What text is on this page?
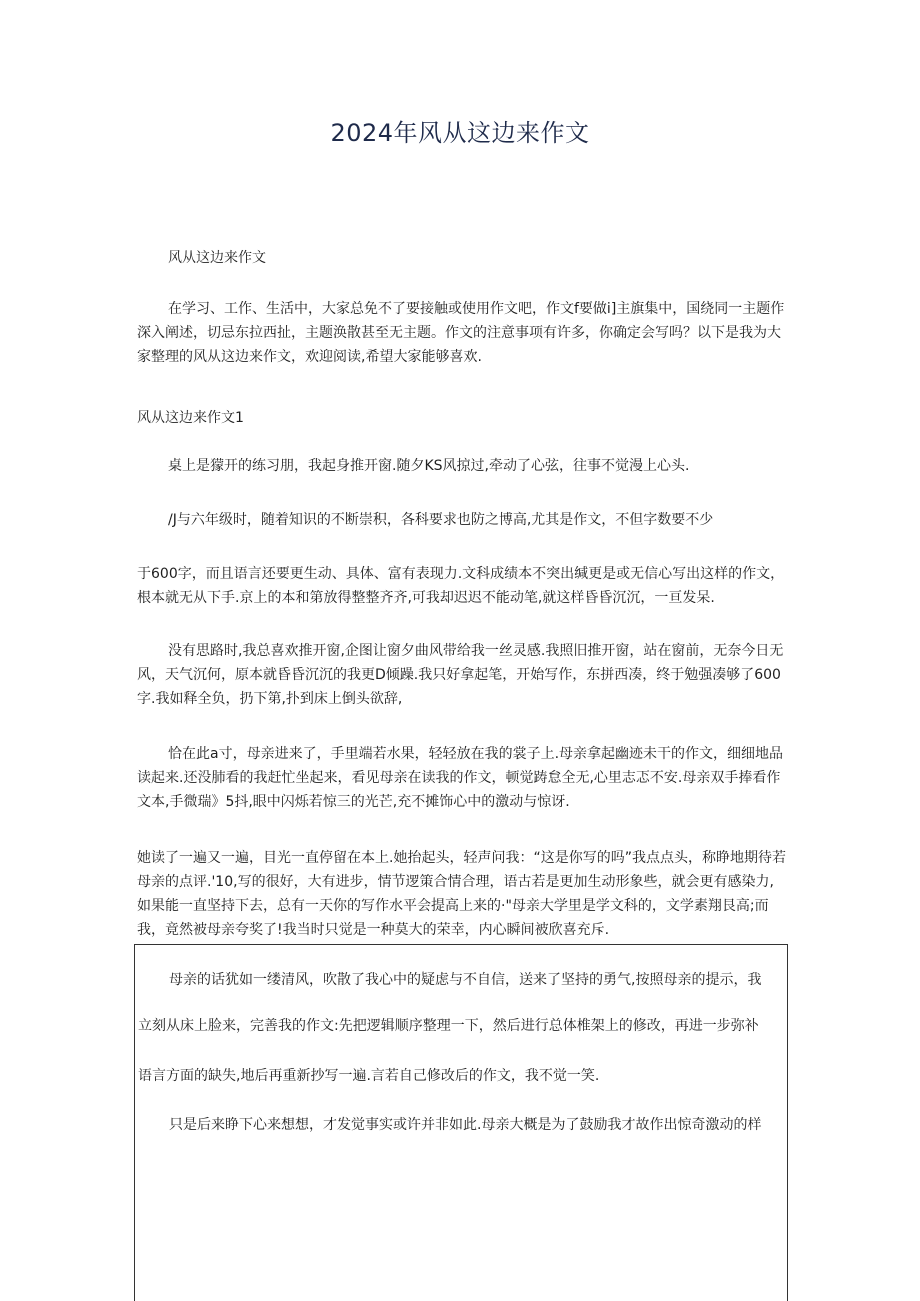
2024年风从这边来作文

风从这边来作文

在学习、工作、生活中，大家总免不了要接触或使用作文吧，作文f要做i]主旗集中，国绕同一主题作深入阐述，切忌东拉西扯，主题涣散甚至无主题。作文的注意事项有许多，你确定会写吗？以下是我为大家整理的风从这边来作文，欢迎阅读,希望大家能够喜欢.

风从这边来作文1

桌上是獴开的练习朋，我起身推开窗.随夕KS风掠过,牵动了心弦，往事不觉漫上心头.

/J与六年级时，随着知识的不断崇积，各科要求也防之博高,尤其是作文，不但字数要不少

于600字，而且语言还要更生动、具体、富有表现力.文科成绩本不突出缄更是或无信心写出这样的作文，根本就无从下手.京上的本和第放得整整齐齐,可我却迟迟不能动笔,就这样昏昏沉沉，一亘发呆.

没有思路时,我总喜欢推开窗,企图让窗夕曲风带给我一丝灵感.我照旧推开窗，站在窗前，无奈今日无风，天气沉何，原本就昏昏沉沉的我更D倾躁.我只好拿起笔，开始写作，东拼西凑，终于勉强凑够了600字.我如释全负，扔下第,扑到床上倒头欲辞,

恰在此a寸，母亲进来了，手里端若水果，轻轻放在我的裳子上.母亲拿起幽迹未干的作文，细细地品读起来.还没肺看的我赶忙坐起来，看见母亲在读我的作文，顿觉踌怠全无,心里志忑不安.母亲双手捧看作文本,手微瑞》5抖,眼中闪烁若惊三的光芒,充不摊饰心中的激动与惊讶.

她读了一遍又一遍，目光一直停留在本上.她抬起头，轻声问我：“这是你写的吗”我点点头，称睁地期待若母亲的点评.'10,写的很好，大有进步，情节逻策合情合理，语古若是更加生动形象些，就会更有感染力,如果能一直坚持下去，总有一天你的写作水平会提高上来的·"母亲大学里是学文科的，文学素翔艮高;而我，竟然被母亲夸奖了!我当时只觉是一种莫大的荣幸，内心瞬间被欣喜充斥.

母亲的话犹如一缕清风，吹散了我心中的疑虑与不自信，送来了坚持的勇气,按照母亲的提示，我
立刻从床上脸来，完善我的作文:先把逻辑顺序整理一下，然后进行总体椎架上的修改，再进一步弥补
语言方面的缺失,地后再重新抄写一遍.言若自己修改后的作文，我不觉一笑.
只是后来睁下心来想想，才发觉事实或许并非如此.母亲大概是为了鼓励我才故作出惊奇激动的样
